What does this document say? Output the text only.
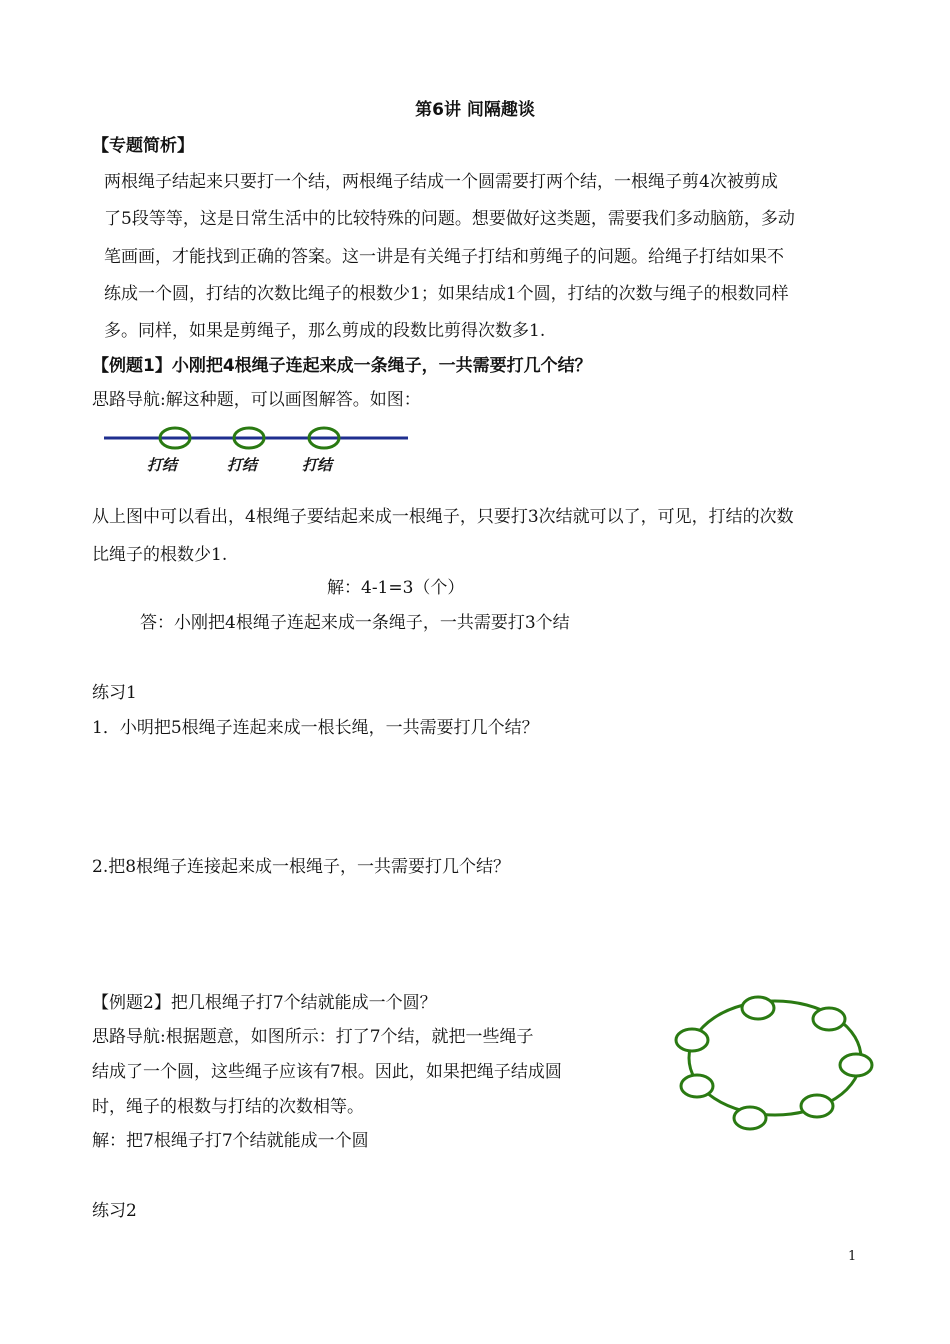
第6讲 间隔趣谈
【专题简析】
两根绳子结起来只要打一个结，两根绳子结成一个圆需要打两个结，一根绳子剪4次被剪成
了5段等等，这是日常生活中的比较特殊的问题。想要做好这类题，需要我们多动脑筋，多动
笔画画，才能找到正确的答案。这一讲是有关绳子打结和剪绳子的问题。给绳子打结如果不
练成一个圆，打结的次数比绳子的根数少1；如果结成1个圆，打结的次数与绳子的根数同样
多。同样，如果是剪绳子，那么剪成的段数比剪得次数多1.
【例题1】小刚把4根绳子连起来成一条绳子，一共需要打几个结？
思路导航:解这种题，可以画图解答。如图：
打结	打结	打结
从上图中可以看出，4根绳子要结起来成一根绳子，只要打3次结就可以了，可见，打结的次数
比绳子的根数少1.
解：4-1=3（个）
答：小刚把4根绳子连起来成一条绳子，一共需要打3个结
练习1
1．小明把5根绳子连起来成一根长绳，一共需要打几个结？
2.把8根绳子连接起来成一根绳子，一共需要打几个结？
【例题2】把几根绳子打7个结就能成一个圆？
思路导航:根据题意，如图所示：打了7个结，就把一些绳子
结成了一个圆，这些绳子应该有7根。因此，如果把绳子结成圆
时，绳子的根数与打结的次数相等。
解：把7根绳子打7个结就能成一个圆
练习2
1
